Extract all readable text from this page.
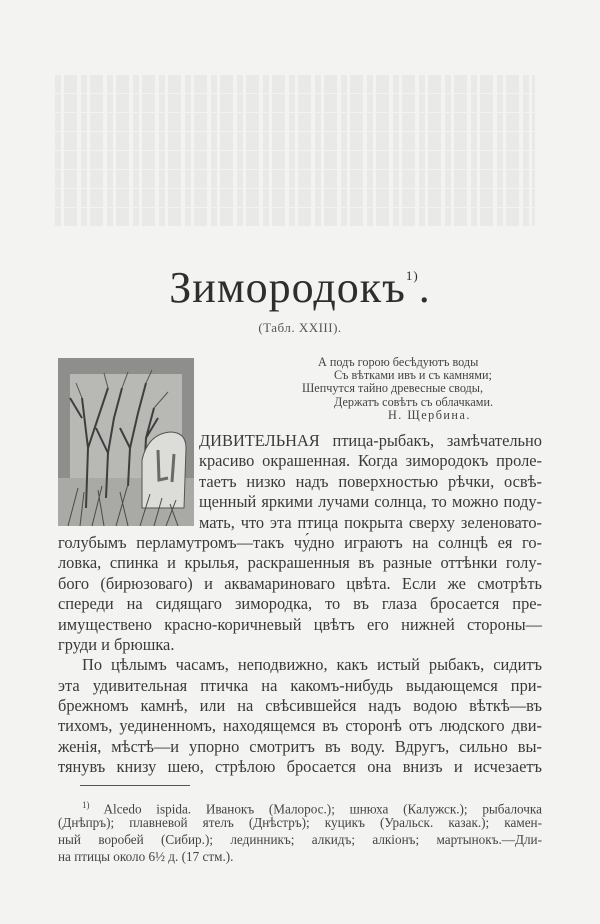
Зимородокъ$^{1)}$.
(Табл. XXIII).
А подъ горою бесѣдуютъ воды
Съ вѣтками ивъ и съ камнями;
Шепчутся тайно древесные своды,
Держатъ совѣтъ съ облачками.
Н. Щербина.
ДИВИТЕЛЬНАЯ птица-рыбакъ, замѣчательно
красиво окрашенная. Когда зимородокъ проле-
таетъ низко надъ поверхностью рѣчки, освѣ-
щенный яркими лучами солнца, то можно поду-
мать, что эта птица покрыта сверху зеленовато-
голубымъ перламутромъ—такъ чу́дно играютъ на солнцѣ ея го-
ловка, спинка и крылья, раскрашенныя въ разные оттѣнки голу-
бого (бирюзоваго) и аквамариноваго цвѣта. Если же смотрѣть
спереди на сидящаго зимородка, то въ глаза бросается пре-
имуществено красно-коричневый цвѣтъ его нижней стороны—
груди и брюшка.
По цѣлымъ часамъ, неподвижно, какъ истый рыбакъ, сидитъ
эта удивительная птичка на какомъ-нибудь выдающемся при-
брежномъ камнѣ, или на свѣсившейся надъ водою вѣткѣ—въ
тихомъ, уединенномъ, находящемся въ сторонѣ отъ людского дви-
женія, мѣстѣ—и упорно смотритъ въ воду. Вдругъ, сильно вы-
тянувъ книзу шею, стрѣлою бросается она внизъ и исчезаетъ
$^{1)}$ Alcedo ispida. Иванокъ (Малорос.); шнюха (Калужск.); рыбалочка
(Днѣпръ); плавневой ятелъ (Днѣстръ); куцикъ (Уральск. казак.); камен-
ный воробей (Сибир.); лединникъ; алкидъ; алкіонъ; мартынокъ.—Дли-
на птицы около 6½ д. (17 стм.).
